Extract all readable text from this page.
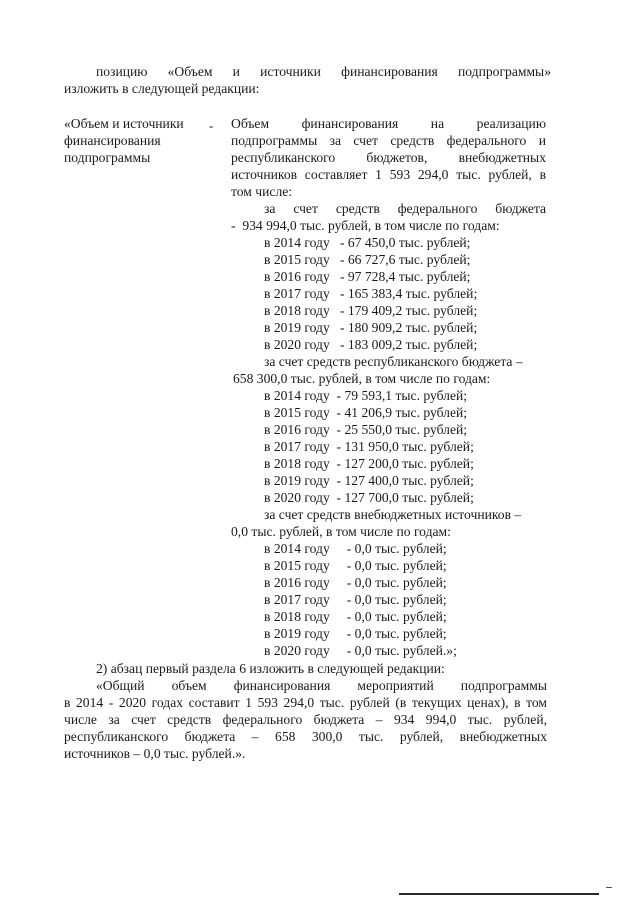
позицию «Объем и источники финансирования подпрограммы»
изложить в следующей редакции:
«Объем и источники
финансирования
подпрограммы
- Объем финансирования на реализацию
подпрограммы за счет средств федерального и
республиканского бюджетов, внебюджетных
источников составляет 1 593 294,0 тыс. рублей, в
том числе:
за счет средств федерального бюджета
-  934 994,0 тыс. рублей, в том числе по годам:
в 2014 году   - 67 450,0 тыс. рублей;
в 2015 году   - 66 727,6 тыс. рублей;
в 2016 году   - 97 728,4 тыс. рублей;
в 2017 году   - 165 383,4 тыс. рублей;
в 2018 году   - 179 409,2 тыс. рублей;
в 2019 году   - 180 909,2 тыс. рублей;
в 2020 году   - 183 009,2 тыс. рублей;
за счет средств республиканского бюджета –
658 300,0 тыс. рублей, в том числе по годам:
в 2014 году  - 79 593,1 тыс. рублей;
в 2015 году  - 41 206,9 тыс. рублей;
в 2016 году  - 25 550,0 тыс. рублей;
в 2017 году  - 131 950,0 тыс. рублей;
в 2018 году  - 127 200,0 тыс. рублей;
в 2019 году  - 127 400,0 тыс. рублей;
в 2020 году  - 127 700,0 тыс. рублей;
за счет средств внебюджетных источников –
0,0 тыс. рублей, в том числе по годам:
в 2014 году     - 0,0 тыс. рублей;
в 2015 году     - 0,0 тыс. рублей;
в 2016 году     - 0,0 тыс. рублей;
в 2017 году     - 0,0 тыс. рублей;
в 2018 году     - 0,0 тыс. рублей;
в 2019 году     - 0,0 тыс. рублей;
в 2020 году     - 0,0 тыс. рублей.»;
2) абзац первый раздела 6 изложить в следующей редакции:
«Общий объем финансирования мероприятий подпрограммы
в 2014 - 2020 годах составит 1 593 294,0 тыс. рублей (в текущих ценах), в том
числе за счет средств федерального бюджета – 934 994,0 тыс. рублей,
республиканского бюджета – 658 300,0 тыс. рублей, внебюджетных
источников – 0,0 тыс. рублей.».
